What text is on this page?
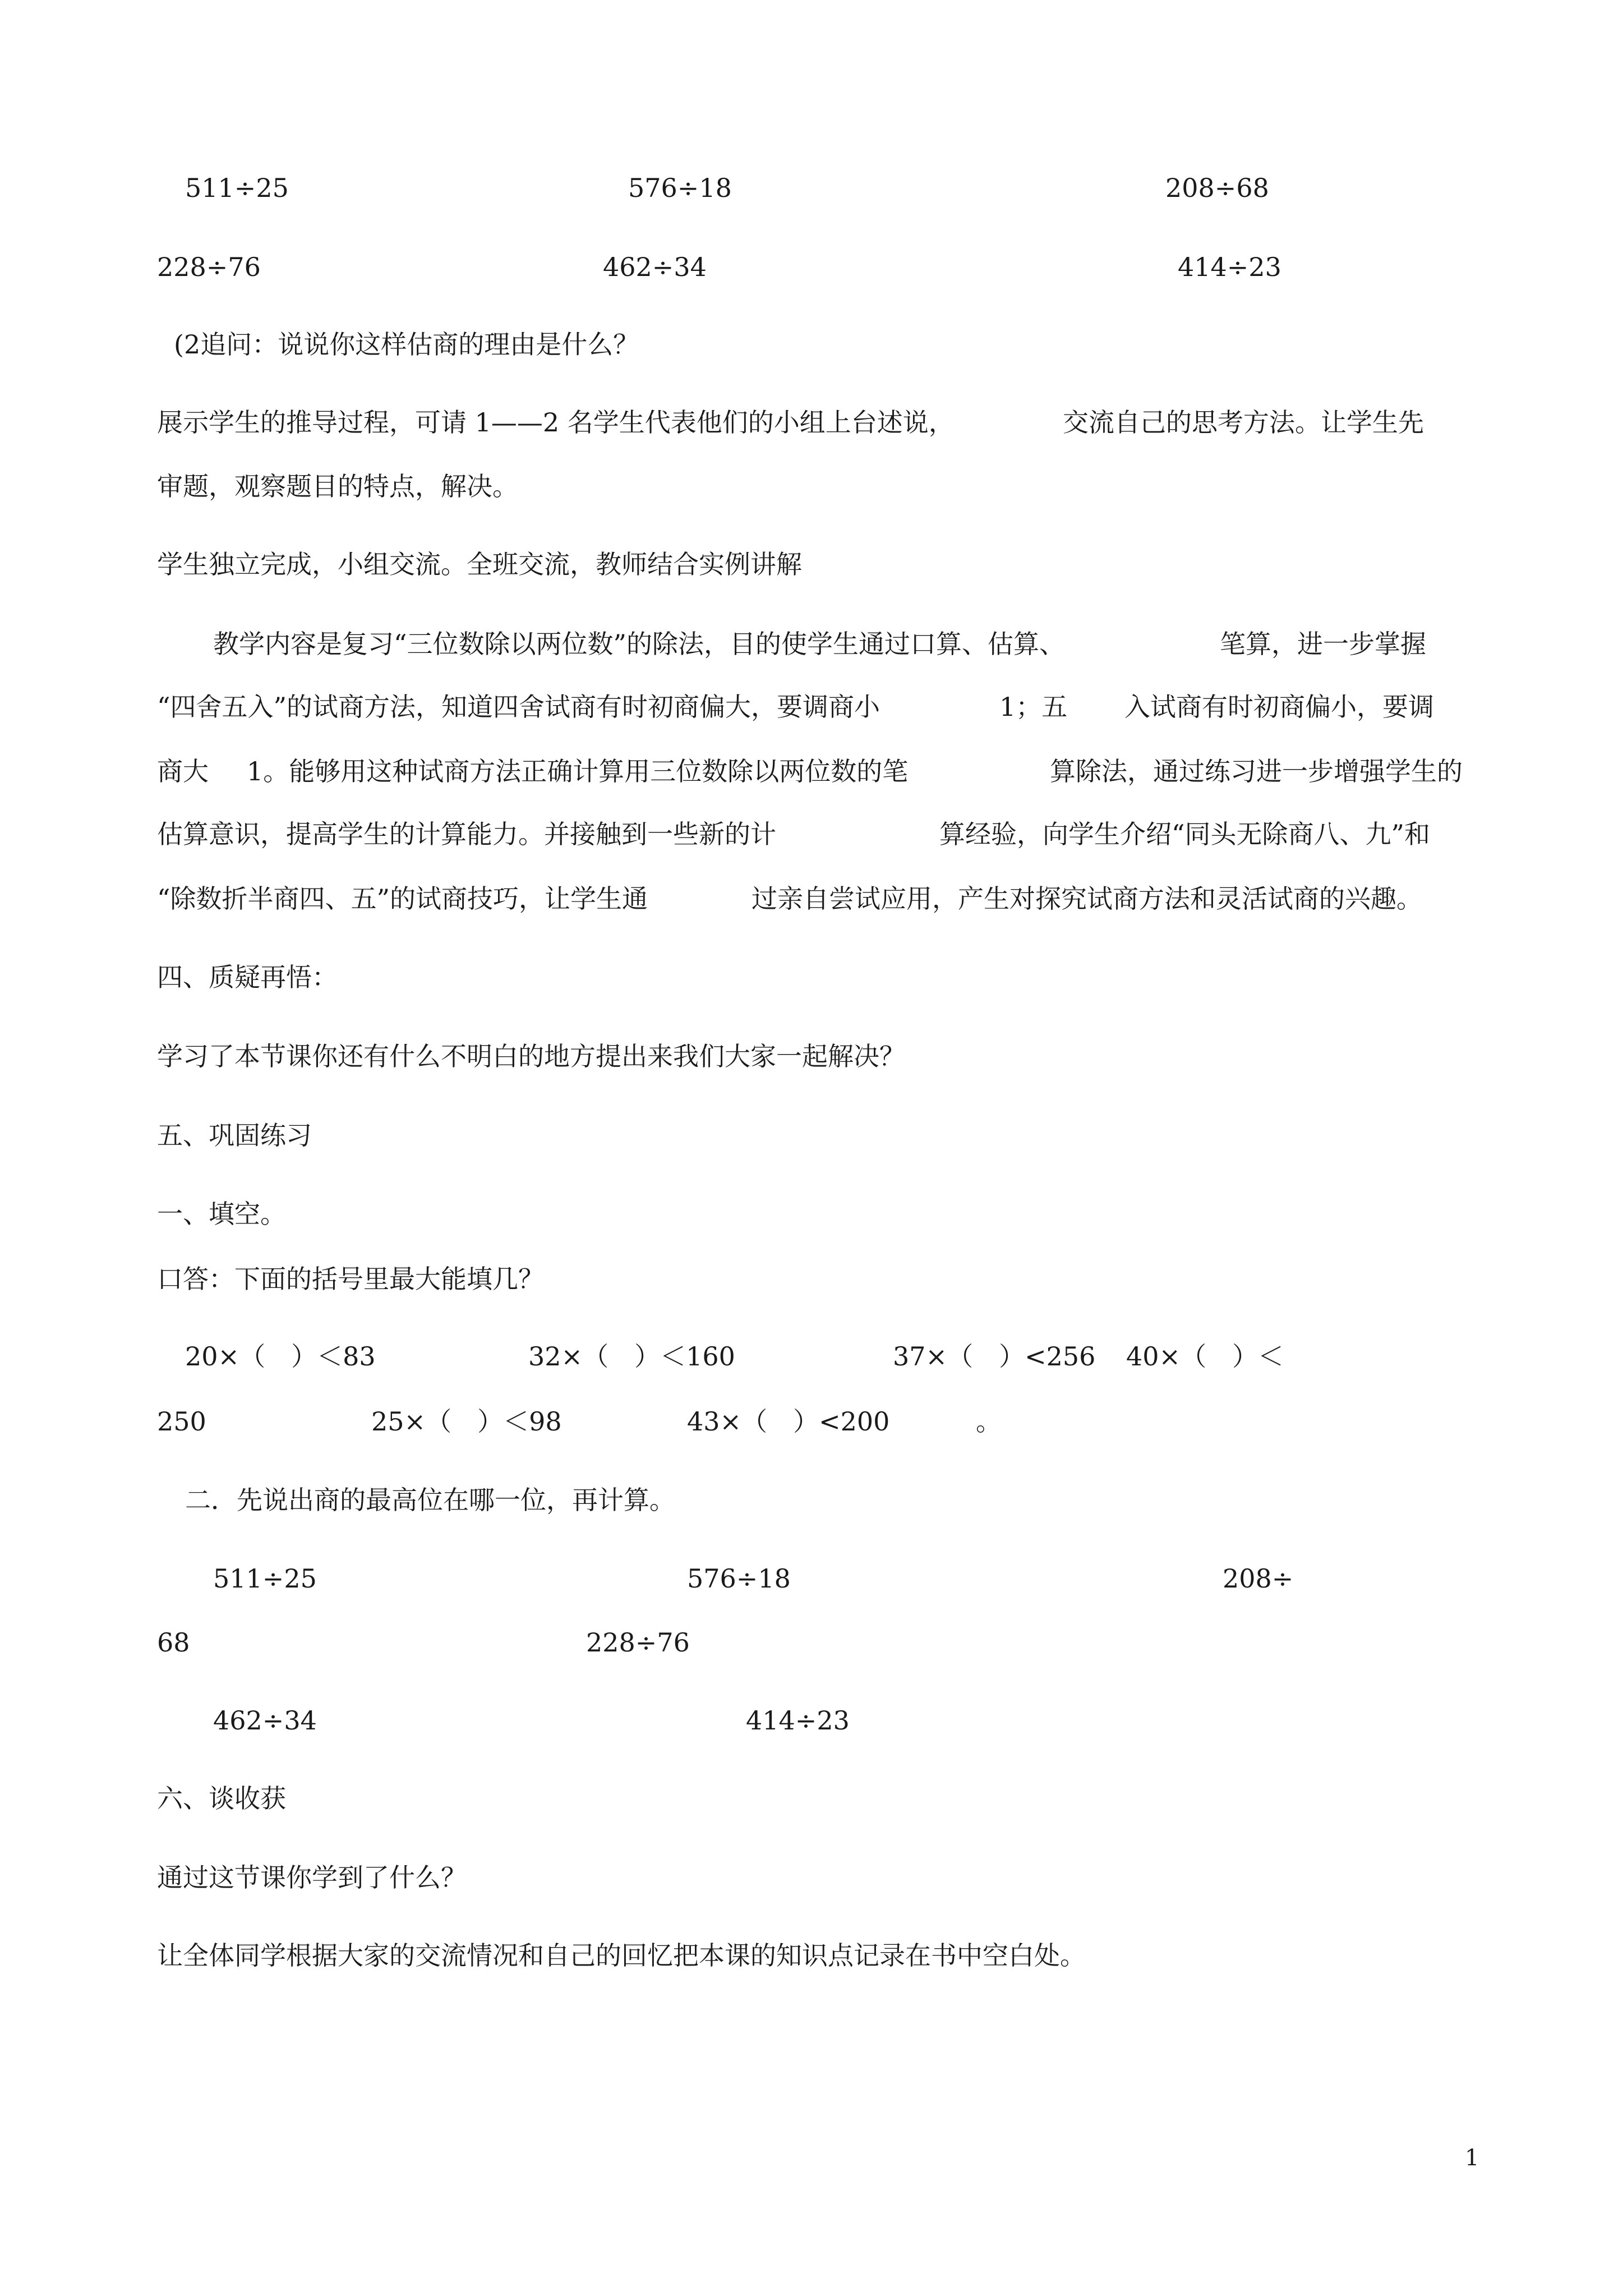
511÷25	576÷18	208÷68
228÷76	462÷34	414÷23
(2追问：说说你这样估商的理由是什么？
展示学生的推导过程，可请 1——2 名学生代表他们的小组上台述说，	交流自己的思考方法。让学生先
审题，观察题目的特点，解决。
学生独立完成，小组交流。全班交流，教师结合实例讲解
教学内容是复习“三位数除以两位数”的除法，目的使学生通过口算、估算、	笔算，进一步掌握
“四舍五入”的试商方法，知道四舍试商有时初商偏大，要调商小	1；五 入试商有时初商偏小，要调
商大 1。能够用这种试商方法正确计算用三位数除以两位数的笔	算除法，通过练习进一步增强学生的
估算意识，提高学生的计算能力。并接触到一些新的计	算经验，向学生介绍“同头无除商八、九”和
“除数折半商四、五”的试商技巧，让学生通	过亲自尝试应用，产生对探究试商方法和灵活试商的兴趣。
四、质疑再悟：
学习了本节课你还有什么不明白的地方提出来我们大家一起解决？
五、巩固练习
一、填空。
口答：下面的括号里最大能填几？
20×（　）＜83	32×（　）＜160	37×（　）<256 40×（　）＜
250	25×（　）＜98	43×（　）<200	。
二．先说出商的最高位在哪一位，再计算。
511÷25	576÷18	208÷
68	228÷76
462÷34	414÷23
六、谈收获
通过这节课你学到了什么？
让全体同学根据大家的交流情况和自己的回忆把本课的知识点记录在书中空白处。
1
